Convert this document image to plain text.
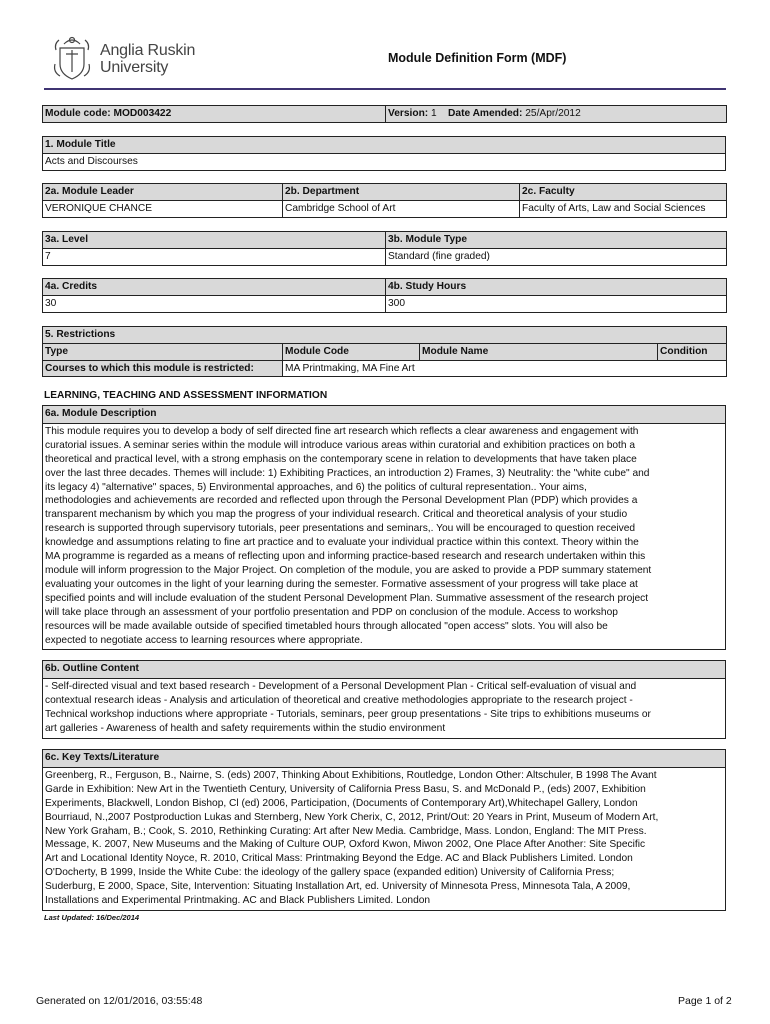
Anglia Ruskin
University
Module Definition Form (MDF)
Module code: MOD003422	Version: 1 Date Amended: 25/Apr/2012
1. Module Title
Acts and Discourses
2a. Module Leader	2b. Department	2c. Faculty
VERONIQUE CHANCE	Cambridge School of Art	Faculty of Arts, Law and Social Sciences
3a. Level	3b. Module Type
7	Standard (fine graded)
4a. Credits	4b. Study Hours
30	300
5. Restrictions			
Type	Module Code	Module Name	Condition
Courses to which this module is restricted:	MA Printmaking, MA Fine Art		
LEARNING, TEACHING AND ASSESSMENT INFORMATION
6a. Module Description

This module requires you to develop a body of self directed fine art research which reflects a clear awareness and engagement with
curatorial issues. A seminar series within the module will introduce various areas within curatorial and exhibition practices on both a
theoretical and practical level, with a strong emphasis on the contemporary scene in relation to developments that have taken place
over the last three decades. Themes will include: 1) Exhibiting Practices, an introduction 2) Frames, 3) Neutrality: the "white cube" and
its legacy 4) "alternative" spaces, 5) Environmental approaches, and 6) the politics of cultural representation.. Your aims,
methodologies and achievements are recorded and reflected upon through the Personal Development Plan (PDP) which provides a
transparent mechanism by which you map the progress of your individual research. Critical and theoretical analysis of your studio
research is supported through supervisory tutorials, peer presentations and seminars,. You will be encouraged to question received
knowledge and assumptions relating to fine art practice and to evaluate your individual practice within this context. Theory within the
MA programme is regarded as a means of reflecting upon and informing practice-based research and research undertaken within this
module will inform progression to the Major Project. On completion of the module, you are asked to provide a PDP summary statement
evaluating your outcomes in the light of your learning during the semester. Formative assessment of your progress will take place at
specified points and will include evaluation of the student Personal Development Plan. Summative assessment of the research project
will take place through an assessment of your portfolio presentation and PDP on conclusion of the module. Access to workshop
resources will be made available outside of specified timetabled hours through allocated "open access" slots. You will also be
expected to negotiate access to learning resources where appropriate.
6b. Outline Content

- Self-directed visual and text based research - Development of a Personal Development Plan - Critical self-evaluation of visual and
contextual research ideas - Analysis and articulation of theoretical and creative methodologies appropriate to the research project -
Technical workshop inductions where appropriate - Tutorials, seminars, peer group presentations - Site trips to exhibitions museums or
art galleries - Awareness of health and safety requirements within the studio environment
6c. Key Texts/Literature

Greenberg, R., Ferguson, B., Nairne, S. (eds) 2007, Thinking About Exhibitions, Routledge, London Other: Altschuler, B 1998 The Avant
Garde in Exhibition: New Art in the Twentieth Century, University of California Press Basu, S. and McDonald P., (eds) 2007, Exhibition
Experiments, Blackwell, London Bishop, Cl (ed) 2006, Participation, (Documents of Contemporary Art),Whitechapel Gallery, London
Bourriaud, N.,2007 Postproduction Lukas and Sternberg, New York Cherix, C, 2012, Print/Out: 20 Years in Print, Museum of Modern Art,
New York Graham, B.; Cook, S. 2010, Rethinking Curating: Art after New Media. Cambridge, Mass. London, England: The MIT Press.
Message, K. 2007, New Museums and the Making of Culture OUP, Oxford Kwon, Miwon 2002, One Place After Another: Site Specific
Art and Locational Identity Noyce, R. 2010, Critical Mass: Printmaking Beyond the Edge. AC and Black Publishers Limited. London
O'Docherty, B 1999, Inside the White Cube: the ideology of the gallery space (expanded edition) University of California Press;
Suderburg, E 2000, Space, Site, Intervention: Situating Installation Art, ed. University of Minnesota Press, Minnesota Tala, A 2009,
Installations and Experimental Printmaking. AC and Black Publishers Limited. London
Last Updated: 16/Dec/2014
Generated on 12/01/2016, 03:55:48	Page 1 of 2
